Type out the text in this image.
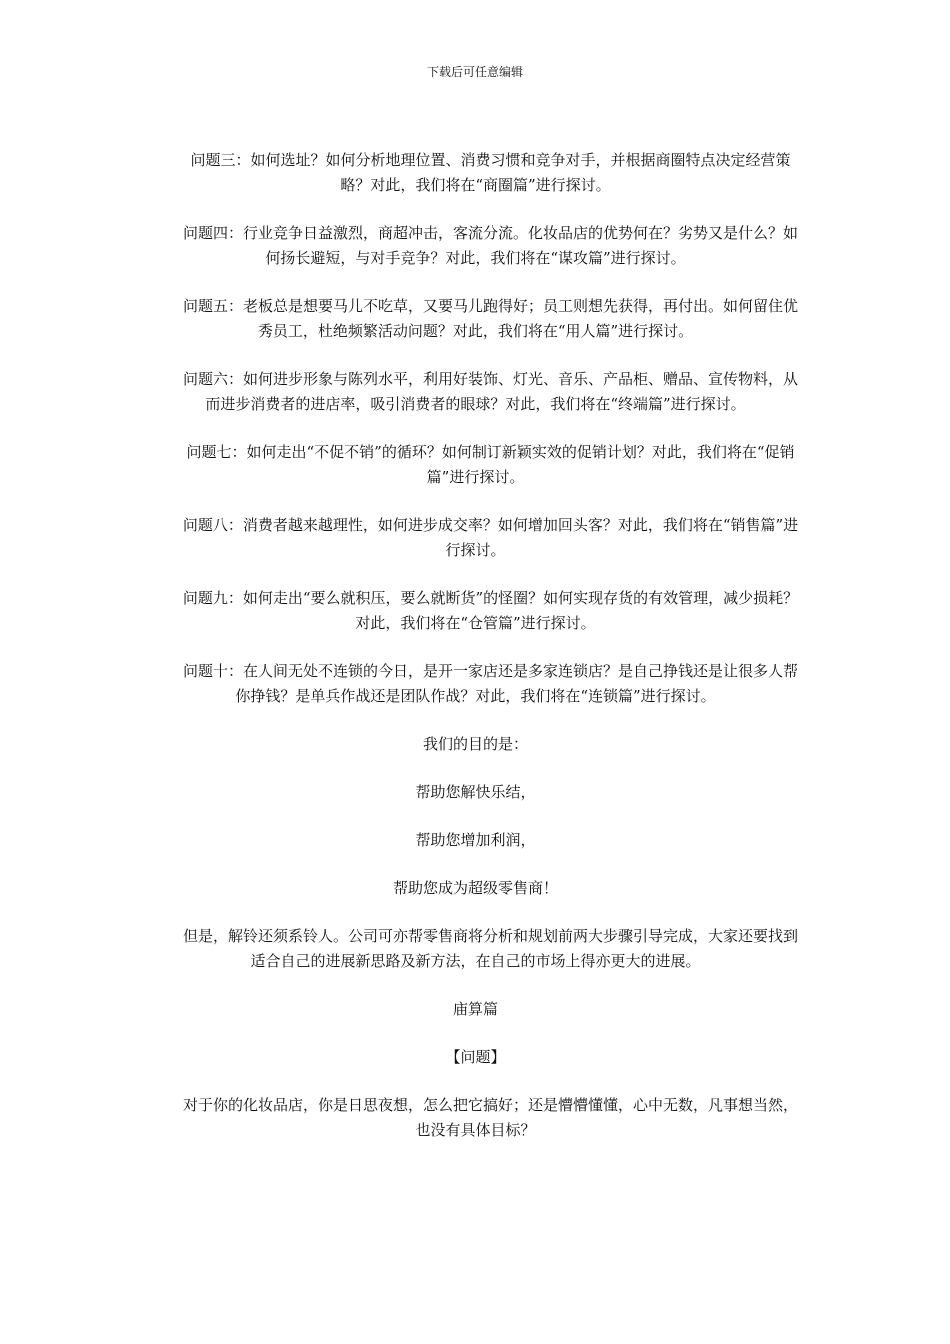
下载后可任意编辑

问题三：如何选址？如何分析地理位置、消费习惯和竞争对手，并根据商圈特点决定经营策略？对此，我们将在“商圈篇”进行探讨。

问题四：行业竞争日益激烈，商超冲击，客流分流。化妆品店的优势何在？劣势又是什么？如何扬长避短，与对手竞争？对此，我们将在“谋攻篇”进行探讨。

问题五：老板总是想要马儿不吃草，又要马儿跑得好；员工则想先获得，再付出。如何留住优秀员工，杜绝频繁活动问题？对此，我们将在“用人篇”进行探讨。

问题六：如何进步形象与陈列水平，利用好装饰、灯光、音乐、产品柜、赠品、宣传物料，从而进步消费者的进店率，吸引消费者的眼球？对此，我们将在“终端篇”进行探讨。

问题七：如何走出“不促不销”的循环？如何制订新颖实效的促销计划？对此，我们将在“促销篇”进行探讨。

问题八：消费者越来越理性，如何进步成交率？如何增加回头客？对此，我们将在“销售篇”进行探讨。

问题九：如何走出“要么就积压，要么就断货”的怪圈？如何实现存货的有效管理，减少损耗？对此，我们将在“仓管篇”进行探讨。

问题十：在人间无处不连锁的今日，是开一家店还是多家连锁店？是自己挣钱还是让很多人帮你挣钱？是单兵作战还是团队作战？对此，我们将在“连锁篇”进行探讨。

我们的目的是：

帮助您解快乐结，

帮助您增加利润，

帮助您成为超级零售商！

但是，解铃还须系铃人。公司可亦帮零售商将分析和规划前两大步骤引导完成，大家还要找到适合自己的进展新思路及新方法，在自己的市场上得亦更大的进展。

庙算篇

【问题】

对于你的化妆品店，你是日思夜想，怎么把它搞好；还是懵懵懂懂，心中无数，凡事想当然，也没有具体目标？
